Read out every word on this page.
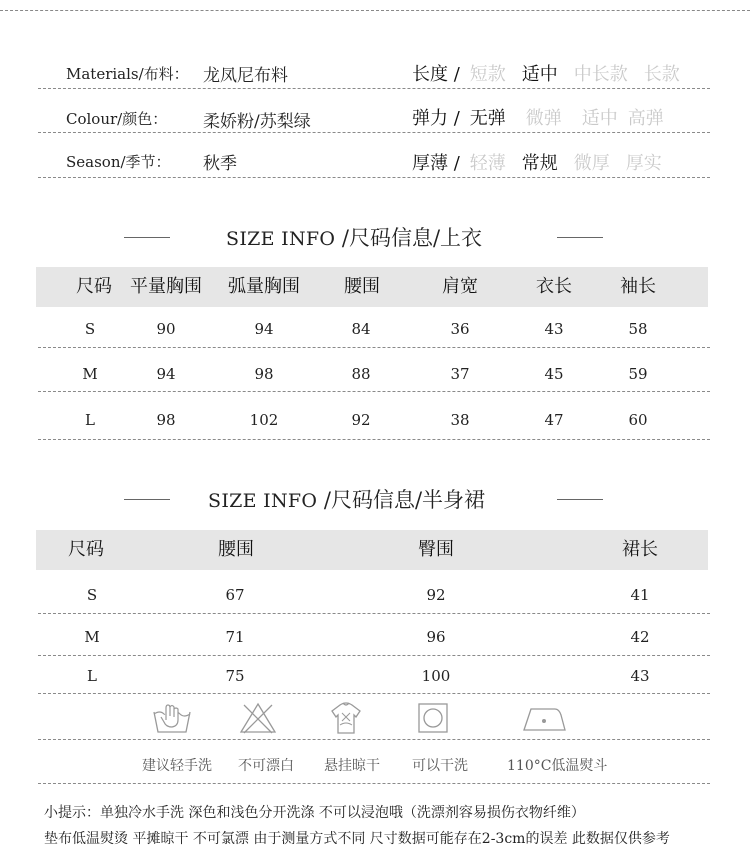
Materials/布料： 龙凤尼布料
Colour/颜色： 柔娇粉/苏梨绿
Season/季节： 秋季
长度 / 短款 适中 中长款 长款
弹力 / 无弹 微弹 适中 高弹
厚薄 / 轻薄 常规 微厚 厚实
SIZE INFO /尺码信息/上衣
尺码	平量胸围	弧量胸围	腰围	肩宽	衣长	袖长
S	90	94	84	36	43	58
M	94	98	88	37	45	59
L	98	102	92	38	47	60
SIZE INFO /尺码信息/半身裙
尺码	腰围	臀围	裙长
S	67	92	41
M	71	96	42
L	75	100	43
建议轻手洗 不可漂白 悬挂晾干 可以干洗	110°C低温熨斗
小提示：单独冷水手洗 深色和浅色分开洗涤 不可以浸泡哦（洗漂剂容易损伤衣物纤维）
垫布低温熨烫 平摊晾干 不可氯漂 由于测量方式不同 尺寸数据可能存在2-3cm的误差 此数据仅供参考
